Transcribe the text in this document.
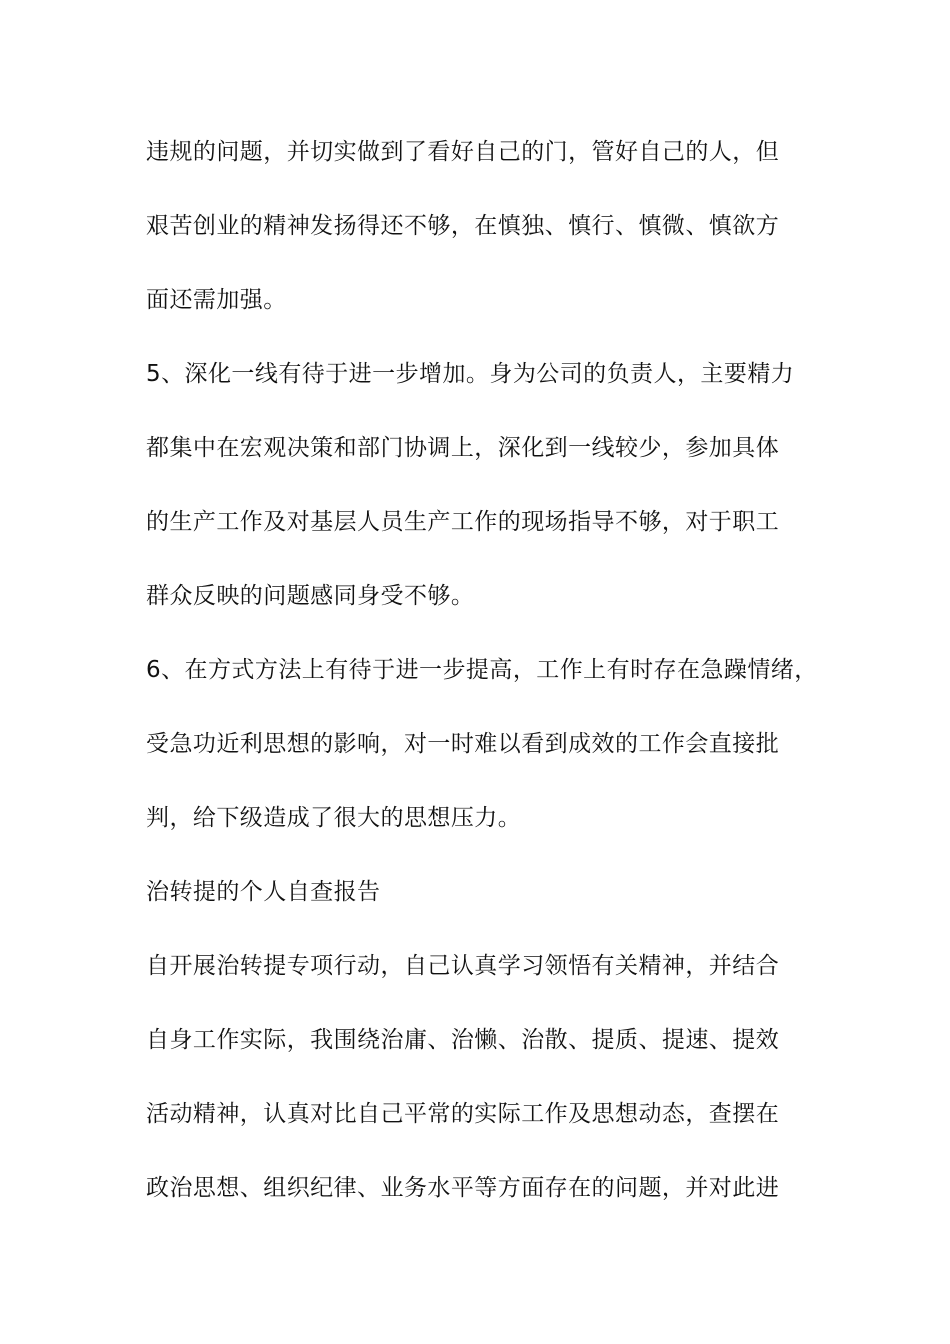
违规的问题，并切实做到了看好自己的门，管好自己的人，但
艰苦创业的精神发扬得还不够，在慎独、慎行、慎微、慎欲方
面还需加强。
5、深化一线有待于进一步增加。身为公司的负责人，主要精力
都集中在宏观决策和部门协调上，深化到一线较少，参加具体
的生产工作及对基层人员生产工作的现场指导不够，对于职工
群众反映的问题感同身受不够。
6、在方式方法上有待于进一步提高，工作上有时存在急躁情绪，
受急功近利思想的影响，对一时难以看到成效的工作会直接批
判，给下级造成了很大的思想压力。
治转提的个人自查报告
自开展治转提专项行动，自己认真学习领悟有关精神，并结合
自身工作实际，我围绕治庸、治懒、治散、提质、提速、提效
活动精神，认真对比自己平常的实际工作及思想动态，查摆在
政治思想、组织纪律、业务水平等方面存在的问题，并对此进
